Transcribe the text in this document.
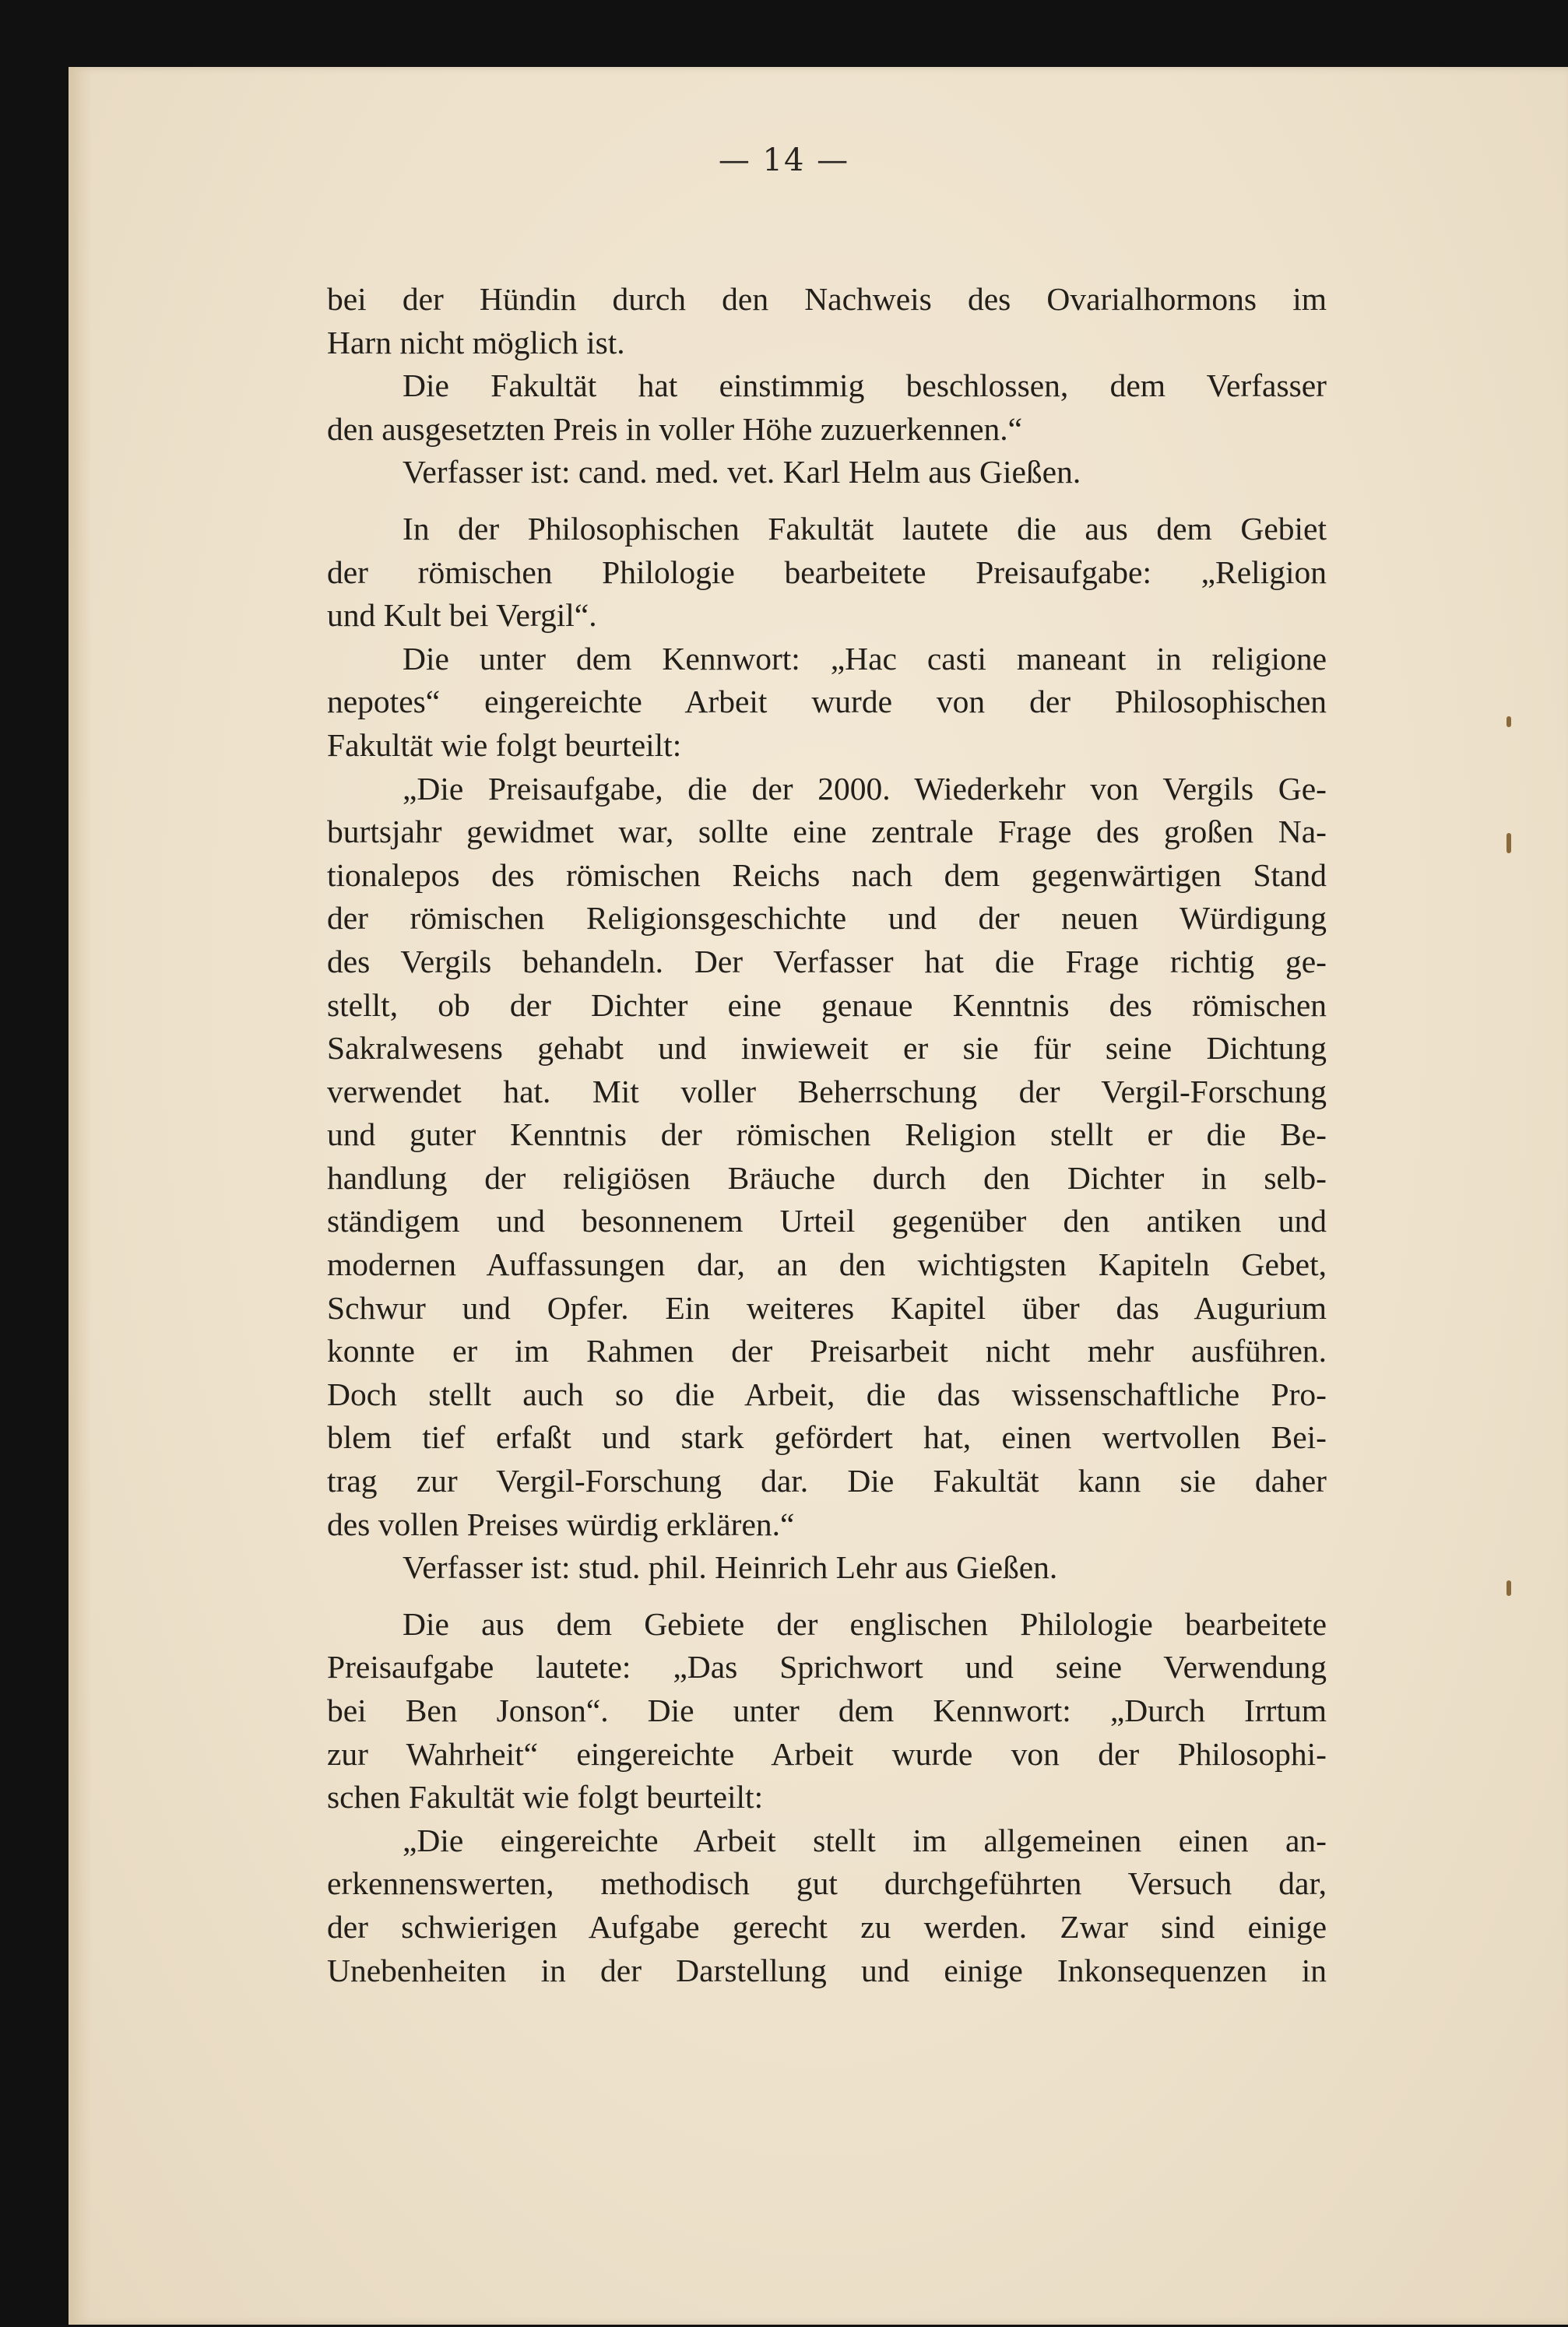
— 14 —
bei der Hündin durch den Nachweis des Ovarialhormons im
Harn nicht möglich ist.
Die Fakultät hat einstimmig beschlossen, dem Verfasser
den ausgesetzten Preis in voller Höhe zuzuerkennen.“
Verfasser ist: cand. med. vet. Karl Helm aus Gießen.
In der Philosophischen Fakultät lautete die aus dem Gebiet
der römischen Philologie bearbeitete Preisaufgabe: „Religion
und Kult bei Vergil“.
Die unter dem Kennwort: „Hac casti maneant in religione
nepotes“ eingereichte Arbeit wurde von der Philosophischen
Fakultät wie folgt beurteilt:
„Die Preisaufgabe, die der 2000. Wiederkehr von Vergils Ge-
burtsjahr gewidmet war, sollte eine zentrale Frage des großen Na-
tionalepos des römischen Reichs nach dem gegenwärtigen Stand
der römischen Religionsgeschichte und der neuen Würdigung
des Vergils behandeln. Der Verfasser hat die Frage richtig ge-
stellt, ob der Dichter eine genaue Kenntnis des römischen
Sakralwesens gehabt und inwieweit er sie für seine Dichtung
verwendet hat. Mit voller Beherrschung der Vergil-Forschung
und guter Kenntnis der römischen Religion stellt er die Be-
handlung der religiösen Bräuche durch den Dichter in selb-
ständigem und besonnenem Urteil gegenüber den antiken und
modernen Auffassungen dar, an den wichtigsten Kapiteln Gebet,
Schwur und Opfer. Ein weiteres Kapitel über das Augurium
konnte er im Rahmen der Preisarbeit nicht mehr ausführen.
Doch stellt auch so die Arbeit, die das wissenschaftliche Pro-
blem tief erfaßt und stark gefördert hat, einen wertvollen Bei-
trag zur Vergil-Forschung dar. Die Fakultät kann sie daher
des vollen Preises würdig erklären.“
Verfasser ist: stud. phil. Heinrich Lehr aus Gießen.
Die aus dem Gebiete der englischen Philologie bearbeitete
Preisaufgabe lautete: „Das Sprichwort und seine Verwendung
bei Ben Jonson“. Die unter dem Kennwort: „Durch Irrtum
zur Wahrheit“ eingereichte Arbeit wurde von der Philosophi-
schen Fakultät wie folgt beurteilt:
„Die eingereichte Arbeit stellt im allgemeinen einen an-
erkennenswerten, methodisch gut durchgeführten Versuch dar,
der schwierigen Aufgabe gerecht zu werden. Zwar sind einige
Unebenheiten in der Darstellung und einige Inkonsequenzen in
